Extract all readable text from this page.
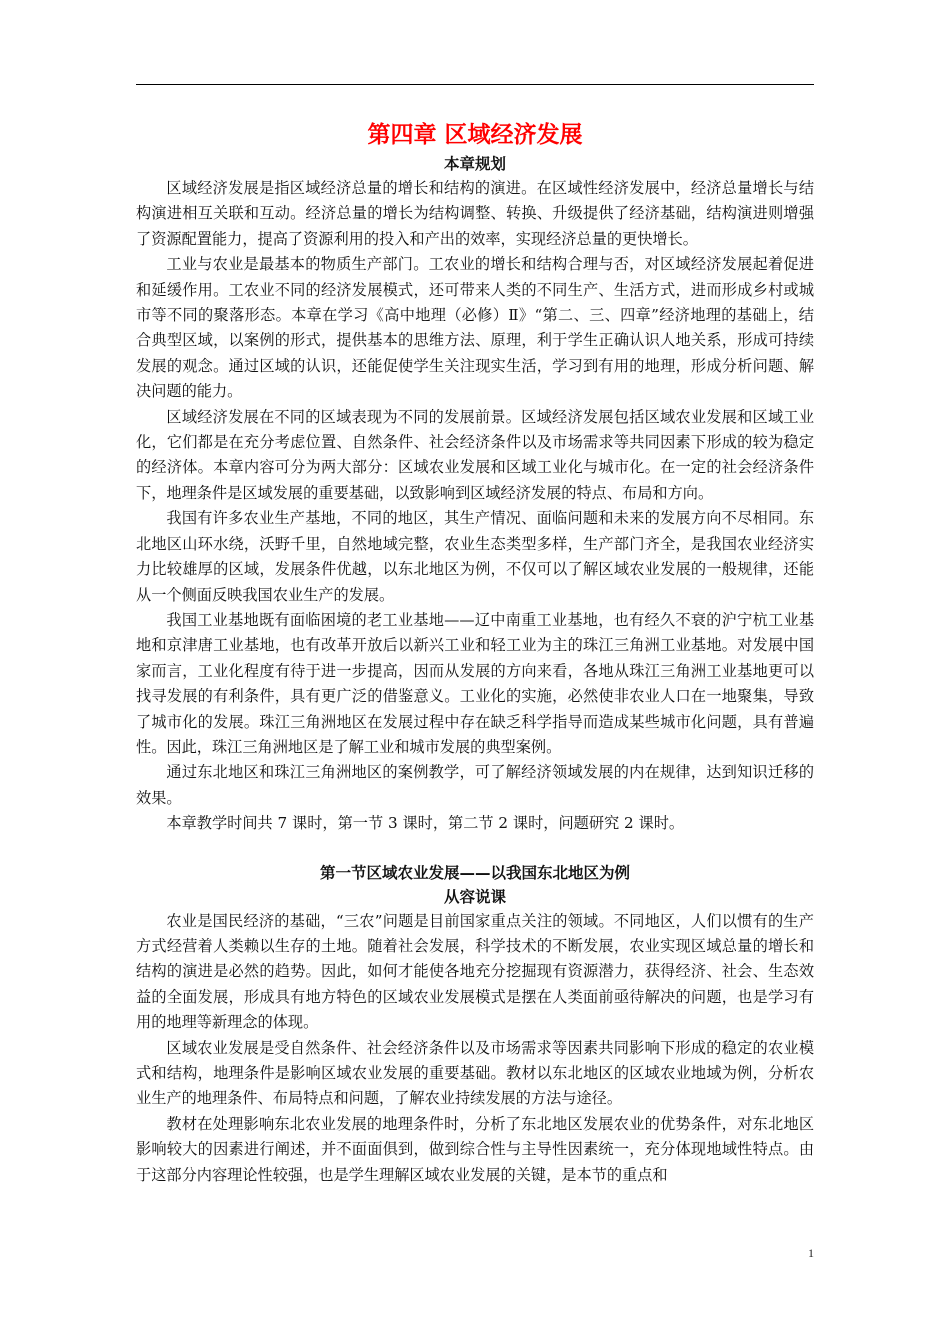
第四章 区域经济发展
本章规划

区域经济发展是指区域经济总量的增长和结构的演进。在区域性经济发展中，经济总量增长与结构演进相互关联和互动。经济总量的增长为结构调整、转换、升级提供了经济基础，结构演进则增强了资源配置能力，提高了资源利用的投入和产出的效率，实现经济总量的更快增长。

工业与农业是最基本的物质生产部门。工农业的增长和结构合理与否，对区域经济发展起着促进和延缓作用。工农业不同的经济发展模式，还可带来人类的不同生产、生活方式，进而形成乡村或城市等不同的聚落形态。本章在学习《高中地理（必修）Ⅱ》“第二、三、四章”经济地理的基础上，结合典型区域，以案例的形式，提供基本的思维方法、原理，利于学生正确认识人地关系，形成可持续发展的观念。通过区域的认识，还能促使学生关注现实生活，学习到有用的地理，形成分析问题、解决问题的能力。

区域经济发展在不同的区域表现为不同的发展前景。区域经济发展包括区域农业发展和区域工业化，它们都是在充分考虑位置、自然条件、社会经济条件以及市场需求等共同因素下形成的较为稳定的经济体。本章内容可分为两大部分：区域农业发展和区域工业化与城市化。在一定的社会经济条件下，地理条件是区域发展的重要基础，以致影响到区域经济发展的特点、布局和方向。

我国有许多农业生产基地，不同的地区，其生产情况、面临问题和未来的发展方向不尽相同。东北地区山环水绕，沃野千里，自然地域完整，农业生态类型多样，生产部门齐全，是我国农业经济实力比较雄厚的区域，发展条件优越，以东北地区为例，不仅可以了解区域农业发展的一般规律，还能从一个侧面反映我国农业生产的发展。

我国工业基地既有面临困境的老工业基地——辽中南重工业基地，也有经久不衰的沪宁杭工业基地和京津唐工业基地，也有改革开放后以新兴工业和轻工业为主的珠江三角洲工业基地。对发展中国家而言，工业化程度有待于进一步提高，因而从发展的方向来看，各地从珠江三角洲工业基地更可以找寻发展的有利条件，具有更广泛的借鉴意义。工业化的实施，必然使非农业人口在一地聚集，导致了城市化的发展。珠江三角洲地区在发展过程中存在缺乏科学指导而造成某些城市化问题，具有普遍性。因此，珠江三角洲地区是了解工业和城市发展的典型案例。

通过东北地区和珠江三角洲地区的案例教学，可了解经济领域发展的内在规律，达到知识迁移的效果。

本章教学时间共 7 课时，第一节 3 课时，第二节 2 课时，问题研究 2 课时。

第一节区域农业发展——以我国东北地区为例
从容说课

农业是国民经济的基础，“三农”问题是目前国家重点关注的领域。不同地区，人们以惯有的生产方式经营着人类赖以生存的土地。随着社会发展，科学技术的不断发展，农业实现区域总量的增长和结构的演进是必然的趋势。因此，如何才能使各地充分挖掘现有资源潜力，获得经济、社会、生态效益的全面发展，形成具有地方特色的区域农业发展模式是摆在人类面前亟待解决的问题，也是学习有用的地理等新理念的体现。

区域农业发展是受自然条件、社会经济条件以及市场需求等因素共同影响下形成的稳定的农业模式和结构，地理条件是影响区域农业发展的重要基础。教材以东北地区的区域农业地域为例，分析农业生产的地理条件、布局特点和问题，了解农业持续发展的方法与途径。

教材在处理影响东北农业发展的地理条件时，分析了东北地区发展农业的优势条件，对东北地区影响较大的因素进行阐述，并不面面俱到，做到综合性与主导性因素统一，充分体现地域性特点。由于这部分内容理论性较强，也是学生理解区域农业发展的关键，是本节的重点和

1
